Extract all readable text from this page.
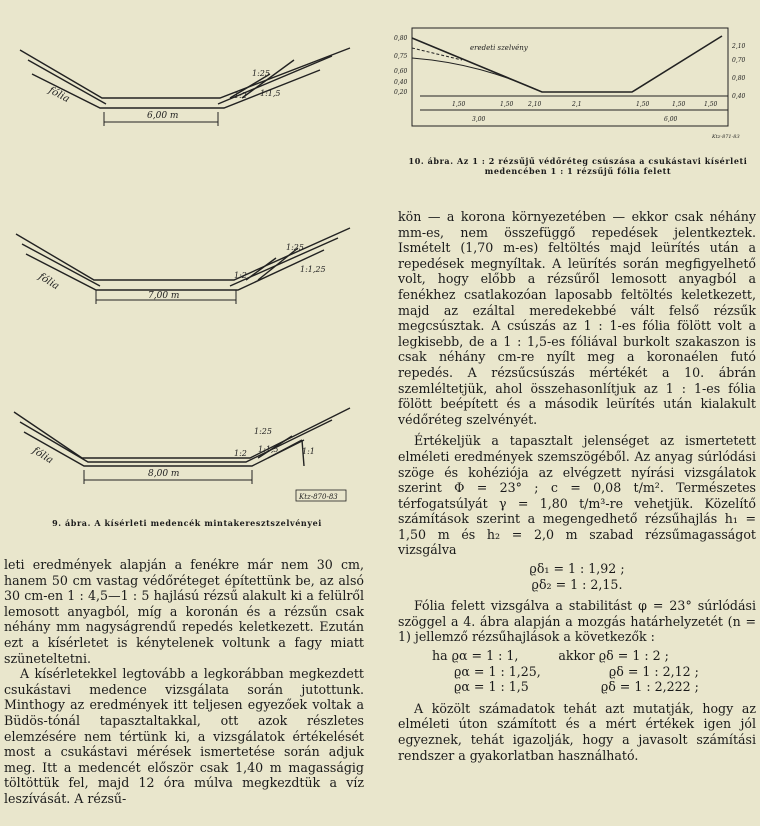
fólia
1:25
1:2 1:1,5
6,00 m
fólia
1:25
1:2
1:1,25
7,00 m
fólia
1:25
1:2 1:1,5	1:1
8,00 m
Ktz-870-83
9. ábra. A kísérleti medencék mintakeresztszelvényei
eredeti szelvény
0,80
0,75
0,60
0,40
0,20
2,10
0,70
0,80
0,40
1,50	1,50 2,10	2,1	1,50	1,50	1,50
3,00	6,00
Ktz-871-83
10. ábra. Az 1 : 2 rézsűjű védőréteg csúszása a csukástavi kísérleti medencében 1 : 1 rézsűjű fólia felett

leti eredmények alapján a fenékre már nem 30 cm, hanem 50 cm vastag védőréteget építettünk be, az alsó 30 cm-en 1 : 4,5—1 : 5 hajlású rézsű alakult ki a felülről lemosott anyagból, míg a koronán és a rézsűn csak néhány mm nagyságrendű repedés keletkezett. Ezután ezt a kísérletet is kénytelenek voltunk a fagy miatt szüneteltetni.

A kísérletekkel legtovább a legkorábban megkezdett csukástavi medence vizsgálata során jutottunk. Minthogy az eredmények itt teljesen egyezőek voltak a Büdös-tónál tapasztaltakkal, ott azok részletes elemzésére nem tértünk ki, a vizsgálatok értékelését most a csukástavi mérések ismertetése során adjuk meg. Itt a medencét először csak 1,40 m magasságig töltöttük fel, majd 12 óra múlva megkezdtük a víz leszívását. A rézsű-

kön — a korona környezetében — ekkor csak néhány mm-es, nem összefüggő repedések jelentkeztek. Ismételt (1,70 m-es) feltöltés majd leürítés után a repedések megnyíltak. A leürítés során megfigyelhető volt, hogy előbb a rézsűről lemosott anyagból a fenékhez csatlakozóan laposabb feltöltés keletkezett, majd az ezáltal meredekebbé vált felső rézsűk megcsúsztak. A csúszás az 1 : 1-es fólia fölött volt a legkisebb, de a 1 : 1,5-es fóliával burkolt szakaszon is csak néhány cm-re nyílt meg a koronaélen futó repedés. A rézsűcsúszás mértékét a 10. ábrán szemléltetjük, ahol összehasonlítjuk az 1 : 1-es fólia fölött beépített és a második leürítés után kialakult védőréteg szelvényét.

Értékeljük a tapasztalt jelenséget az ismertetett elméleti eredmények szemszögéből. Az anyag súrlódási szöge és kohéziója az elvégzett nyírási vizsgálatok szerint Φ = 23° ; c = 0,08 t/m². Természetes térfogatsúlyát γ = 1,80 t/m³-re vehetjük. Közelítő számítások szerint a megengedhető rézsűhajlás h₁ = 1,50 m és h₂ = 2,0 m szabad rézsűmagasságot vizsgálva

ϱδ₁ = 1 : 1,92 ;
ϱδ₂ = 1 : 2,15.

Fólia felett vizsgálva a stabilitást φ = 23° súrlódási szöggel a 4. ábra alapján a mozgás határhelyzetét (n = 1) jellemző rézsűhajlások a következők :

ha ϱα = 1 : 1,          akkor ϱδ = 1 : 2 ;
ϱα = 1 : 1,25,                 ϱδ = 1 : 2,12 ;
ϱα = 1 : 1,5                  ϱδ = 1 : 2,222 ;

A közölt számadatok tehát azt mutatják, hogy az elméleti úton számított és a mért értékek igen jól egyeznek, tehát igazolják, hogy a javasolt számítási rendszer a gyakorlatban használható.
